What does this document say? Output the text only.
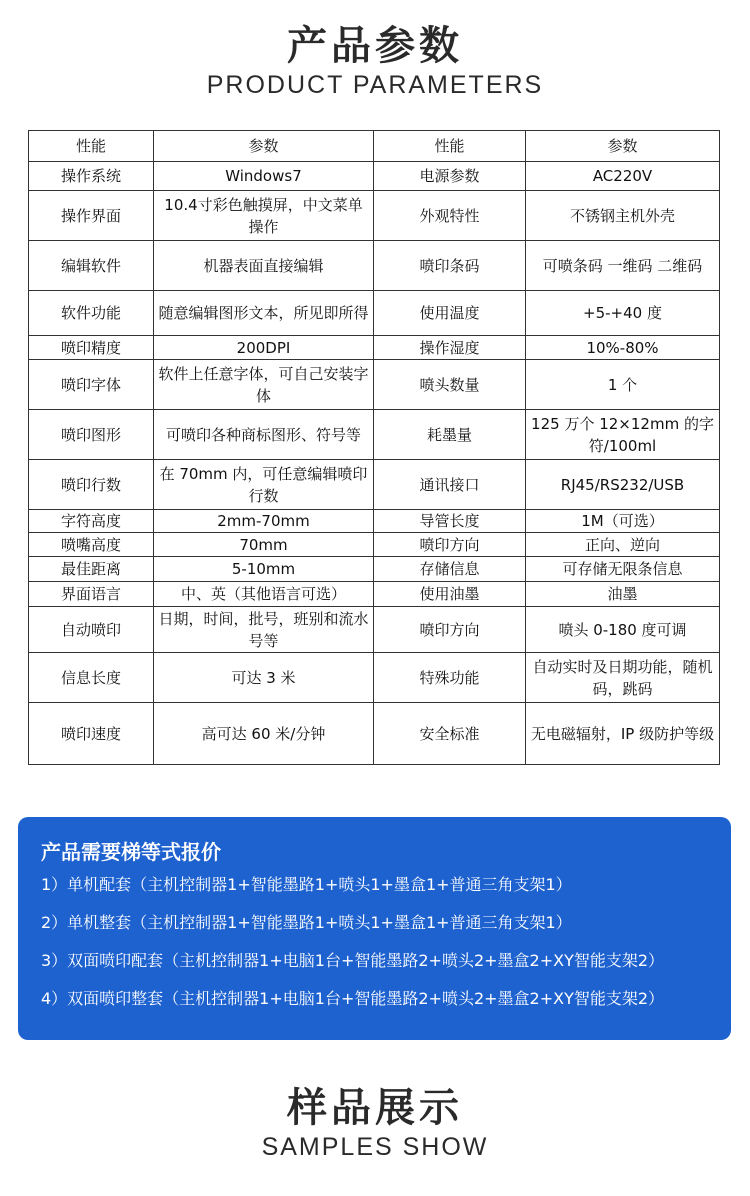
产品参数
PRODUCT PARAMETERS
性能	参数	性能	参数
操作系统	Windows7	电源参数	AC220V
操作界面	10.4寸彩色触摸屏，中文菜单操作	外观特性	不锈钢主机外壳
编辑软件	机器表面直接编辑	喷印条码	可喷条码 一维码 二维码
软件功能	随意编辑图形文本，所见即所得	使用温度	+5-+40 度
喷印精度	200DPI	操作湿度	10%-80%
喷印字体	软件上任意字体，可自己安装字体	喷头数量	1 个
喷印图形	可喷印各种商标图形、符号等	耗墨量	125 万个 12×12mm 的字符/100ml
喷印行数	在 70mm 内，可任意编辑喷印行数	通讯接口	RJ45/RS232/USB
字符高度	2mm-70mm	导管长度	1M（可选）
喷嘴高度	70mm	喷印方向	正向、逆向
最佳距离	5-10mm	存储信息	可存储无限条信息
界面语言	中、英（其他语言可选）	使用油墨	油墨
自动喷印	日期，时间，批号，班别和流水号等	喷印方向	喷头 0-180 度可调
信息长度	可达 3 米	特殊功能	自动实时及日期功能，随机码，跳码
喷印速度	高可达 60 米/分钟	安全标准	无电磁辐射，IP 级防护等级
产品需要梯等式报价
1）单机配套（主机控制器1+智能墨路1+喷头1+墨盒1+普通三角支架1）
2）单机整套（主机控制器1+智能墨路1+喷头1+墨盒1+普通三角支架1）
3）双面喷印配套（主机控制器1+电脑1台+智能墨路2+喷头2+墨盒2+XY智能支架2）
4）双面喷印整套（主机控制器1+电脑1台+智能墨路2+喷头2+墨盒2+XY智能支架2）
样品展示
SAMPLES SHOW
